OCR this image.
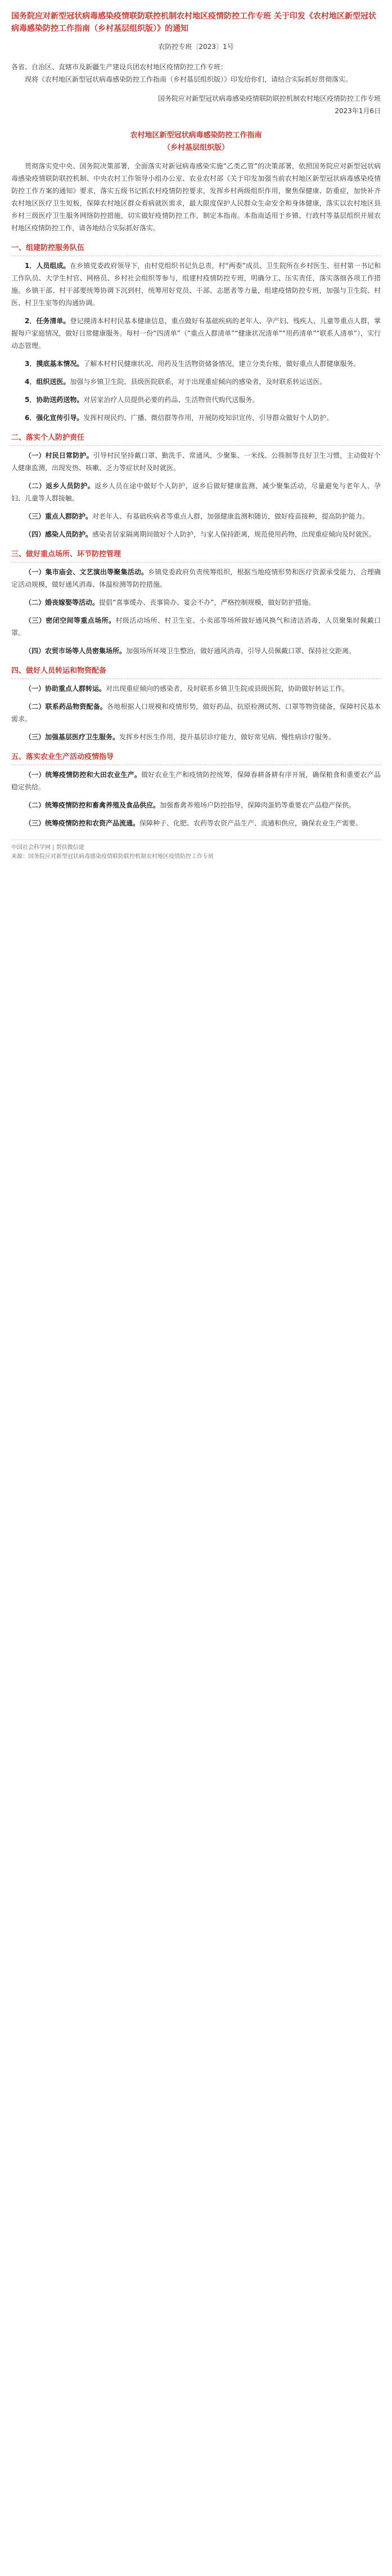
国务院应对新型冠状病毒感染疫情联防联控机制农村地区疫情防控工作专班 关于印发《农村地区新型冠状病毒感染防控工作指南（乡村基层组织版）》的通知
农防控专班〔2023〕1号

各省、自治区、直辖市及新疆生产建设兵团农村地区疫情防控工作专班：

现将《农村地区新型冠状病毒感染防控工作指南（乡村基层组织版）》印发给你们，请结合实际抓好贯彻落实。

国务院应对新型冠状病毒感染疫情联防联控机制农村地区疫情防控工作专班
2023年1月6日
农村地区新型冠状病毒感染防控工作指南
（乡村基层组织版）

贯彻落实党中央、国务院决策部署，全面落实对新冠病毒感染实施“乙类乙管”的决策部署，依照国务院应对新型冠状病毒感染疫情联防联控机制、中央农村工作领导小组办公室、农业农村部《关于印发加强当前农村地区新型冠状病毒感染疫情防控工作方案的通知》要求，落实五级书记抓农村疫情防控要求，发挥乡村两级组织作用，聚焦保健康、防重症，加快补齐农村地区医疗卫生短板，保障农村地区群众看病就医需求，最大限度保护人民群众生命安全和身体健康，落实以农村地区县乡村三级医疗卫生服务网络防控措施，切实做好疫情防控工作，制定本指南。本指南适用于乡镇、行政村等基层组织开展农村地区疫情防控工作，请各地结合实际抓好落实。

一、组建防控服务队伍

1．人员组成。在乡镇党委政府领导下，由村党组织书记负总责，村“两委”成员、卫生院所在乡村医生、驻村第一书记和工作队员、大学生村官、网格员、乡村社会组织等参与，组建村疫情防控专班，明确分工、压实责任，落实落细各项工作措施。乡镇干部、村干部要统筹协调下沉到村，统筹用好党员、干部、志愿者等力量，组建疫情防控专班，加强与卫生院、村医、村卫生室等的沟通协调。

2．任务清单。登记摸清本村村民基本健康信息，重点做好有基础疾病的老年人、孕产妇、残疾人、儿童等重点人群，掌握每户家庭情况，做好日常健康服务。每村一份“四清单”（“重点人群清单”“健康状况清单”“用药清单”“联系人清单”），实行动态管理。

3．摸底基本情况。了解本村村民健康状况、用药及生活物资储备情况，建立分类台账，做好重点人群健康服务。

4．组织送医。加强与乡镇卫生院、县级医院联系，对于出现重症倾向的感染者，及时联系转运送医。

5．协助送药送物。对居家治疗人员提供必要的药品、生活物资代购代送服务。

6．强化宣传引导。发挥村规民约、广播、微信群等作用，开展防疫知识宣传，引导群众做好个人防护。

二、落实个人防护责任

（一）村民日常防护。引导村民坚持戴口罩、勤洗手、常通风、少聚集、一米线、公筷制等良好卫生习惯，主动做好个人健康监测，出现发热、咳嗽、乏力等症状时及时就医。

（二）返乡人员防护。返乡人员在途中做好个人防护，返乡后做好健康监测，减少聚集活动，尽量避免与老年人、孕妇、儿童等人群接触。

（三）重点人群防护。对老年人、有基础疾病者等重点人群，加强健康监测和随访，做好疫苗接种，提高防护能力。

（四）感染人员防护。感染者居家隔离期间做好个人防护，与家人保持距离，规范使用药物，出现重症倾向及时就医。

三、做好重点场所、环节防控管理

（一）集市庙会、文艺演出等聚集活动。乡镇党委政府负责统筹组织，根据当地疫情形势和医疗资源承受能力，合理确定活动规模，做好通风消毒、体温检测等防控措施。

（二）婚丧嫁娶等活动。提倡“喜事缓办、丧事简办、宴会不办”，严格控制规模，做好防护措施。

（三）密闭空间等重点场所。村级活动场所、村卫生室、小卖部等场所做好通风换气和清洁消毒，人员聚集时佩戴口罩。

（四）农贸市场等人员密集场所。加强场所环境卫生整治，做好通风消毒，引导人员佩戴口罩、保持社交距离。

四、做好人员转运和物资配备

（一）协助重点人群转运。对出现重症倾向的感染者，及时联系乡镇卫生院或县级医院，协助做好转运工作。

（二）联系药品物资配备。各地根据人口规模和疫情形势，做好药品、抗原检测试剂、口罩等物资储备，保障村民基本需求。

（三）加强基层医疗卫生服务。发挥乡村医生作用，提升基层诊疗能力，做好常见病、慢性病诊疗服务。

五、落实农业生产活动疫情指导

（一）统筹疫情防控和大田农业生产。做好农业生产和疫情防控统筹，保障春耕备耕有序开展，确保粮食和重要农产品稳定供给。

（二）统筹疫情防控和畜禽养殖及食品供应。加强畜禽养殖场户防控指导，保障肉蛋奶等重要农产品稳产保供。

（三）统筹疫情防控和农资产品流通。保障种子、化肥、农药等农资产品生产、流通和供应，确保农业生产需要。

中国社会科学网 | 帮扶微信建
来源：国务院应对新型冠状病毒感染疫情联防联控机制农村地区疫情防控工作专班
